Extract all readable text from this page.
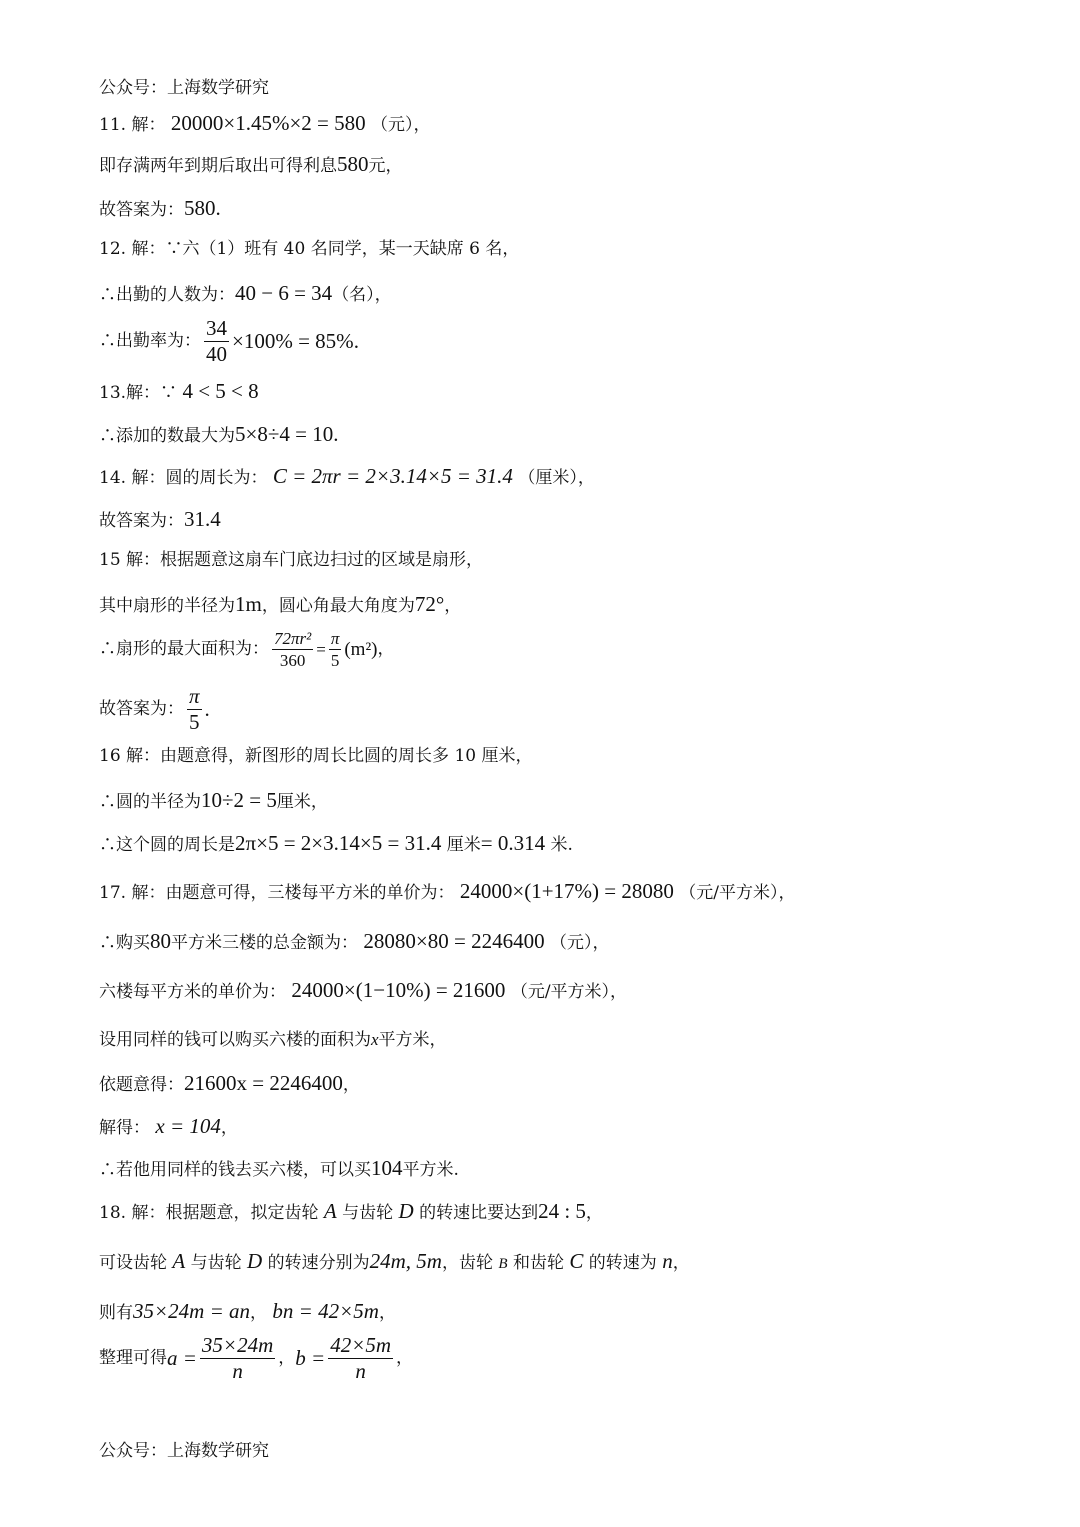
公众号：上海数学研究
11. 解： 20000×1.45%×2 = 580 （元），
即存满两年到期后取出可得利息580元，
故答案为：580.
12. 解：∵六（1）班有 40 名同学，某一天缺席 6 名，
∴出勤的人数为：40 − 6 = 34（名），
∴出勤率为： $\frac{34}{40} \times 100\% = 85\%$ .
13.解：∵ 4 < 5 < 8
∴添加的数最大为5×8÷4 = 10.
14. 解：圆的周长为： C = 2πr = 2×3.14×5 = 31.4 （厘米），
故答案为：31.4
15 解：根据题意这扇车门底边扫过的区域是扇形，
其中扇形的半径为1m，圆心角最大角度为72°，
∴扇形的最大面积为： $\frac{\text{72πr²}}{360} = \frac{\pi}{5} (m^2)$ ，
故答案为： $\frac{\pi}{5}$ .
16 解：由题意得，新图形的周长比圆的周长多 10 厘米，
∴圆的半径为10÷2 = 5厘米，
∴这个圆的周长是2π×5 = 2×3.14×5 = 31.4 厘米= 0.314 米.
17. 解：由题意可得，三楼每平方米的单价为： 24000×(1+17%) = 28080 （元/平方米），
∴购买80平方米三楼的总金额为： 28080×80 = 2246400 （元），
六楼每平方米的单价为： 24000×(1−10%) = 21600 （元/平方米），
设用同样的钱可以购买六楼的面积为x平方米，
依题意得：21600x = 2246400，
解得： x = 104，
∴若他用同样的钱去买六楼，可以买104平方米.
18. 解：根据题意，拟定齿轮 A 与齿轮 D 的转速比要达到24 : 5，
可设齿轮 A 与齿轮 D 的转速分别为24m, 5m，齿轮 B 和齿轮 C 的转速为 n，
则有35×24m = an， bn = 42×5m，
整理可得 $a = \frac{35\times 24m}{n}$ ， $b = \frac{42\times 5m}{n}$ ，
公众号：上海数学研究
